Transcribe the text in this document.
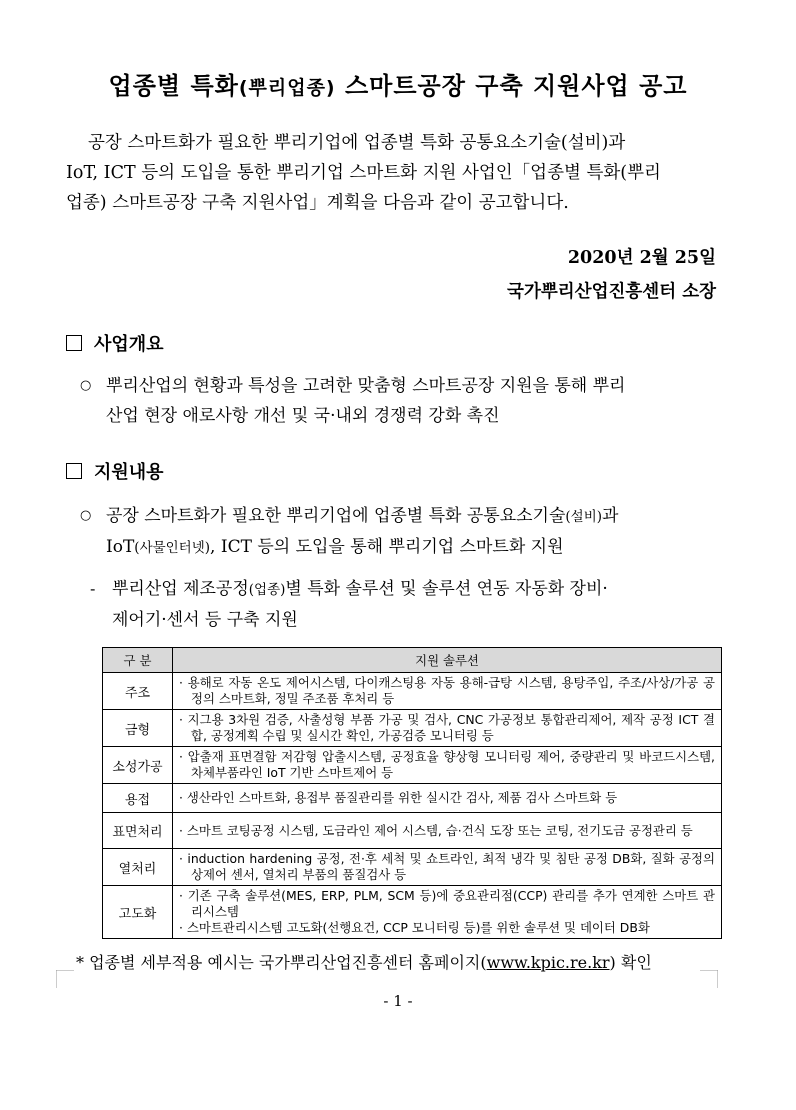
업종별 특화(뿌리업종) 스마트공장 구축 지원사업 공고
공장 스마트화가 필요한 뿌리기업에 업종별 특화 공통요소기술(설비)과
IoT, ICT 등의 도입을 통한 뿌리기업 스마트화 지원 사업인「업종별 특화(뿌리
업종) 스마트공장 구축 지원사업」계획을 다음과 같이 공고합니다.
2020년 2월 25일
국가뿌리산업진흥센터 소장
사업개요
○ 뿌리산업의 현황과 특성을 고려한 맞춤형 스마트공장 지원을 통해 뿌리
산업 현장 애로사항 개선 및 국·내외 경쟁력 강화 촉진
지원내용
○ 공장 스마트화가 필요한 뿌리기업에 업종별 특화 공통요소기술(설비)과
IoT(사물인터넷), ICT 등의 도입을 통해 뿌리기업 스마트화 지원
- 뿌리산업 제조공정(업종)별 특화 솔루션 및 솔루션 연동 자동화 장비·
제어기·센서 등 구축 지원
구 분	지원 솔루션
주조	· 용해로 자동 온도 제어시스템, 다이캐스팅용 자동 용해-급탕 시스템, 용탕주입, 주조/사상/가공 공정의 스마트화, 정밀 주조품 후처리 등

금형	· 지그용 3차원 검증, 사출성형 부품 가공 및 검사, CNC 가공정보 통합관리제어, 제작 공정 ICT 결합, 공정계획 수립 및 실시간 확인, 가공검증 모니터링 등

소성가공	· 압출재 표면결함 저감형 압출시스템, 공정효율 향상형 모니터링 제어, 중량관리 및 바코드시스템, 차체부품라인 IoT 기반 스마트제어 등

용접	· 생산라인 스마트화, 용접부 품질관리를 위한 실시간 검사, 제품 검사 스마트화 등

표면처리	· 스마트 코팅공정 시스템, 도금라인 제어 시스템, 습·건식 도장 또는 코팅, 전기도금 공정관리 등

열처리	· induction hardening 공정, 전·후 세척 및 쇼트라인, 최적 냉각 및 침탄 공정 DB화, 질화 공정의 상제어 센서, 열처리 부품의 품질검사 등

고도화	· 기존 구축 솔루션(MES, ERP, PLM, SCM 등)에 중요관리점(CCP) 관리를 추가 연계한 스마트 관리시스템
· 스마트관리시스템 고도화(선행요건, CCP 모니터링 등)를 위한 솔루션 및 데이터 DB화
* 업종별 세부적용 예시는 국가뿌리산업진흥센터 홈페이지(www.kpic.re.kr) 확인
- 1 -
